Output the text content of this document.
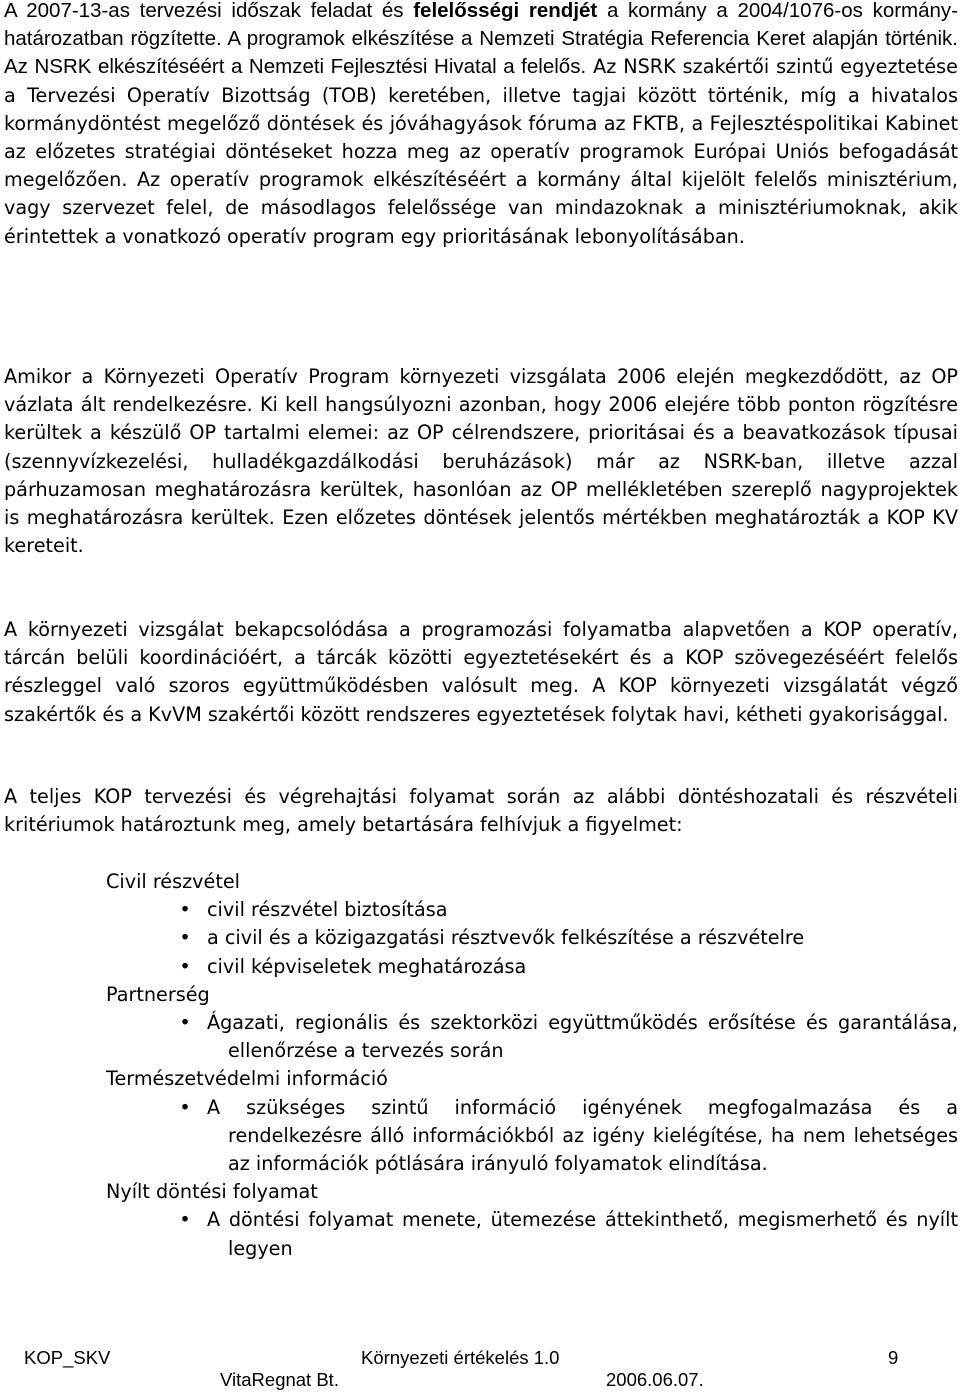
A 2007-13-as tervezési időszak feladat és felelősségi rendjét a kormány a 2004/1076-os kormány-határozatban rögzítette. A programok elkészítése a Nemzeti Stratégia Referencia Keret alapján történik. Az NSRK elkészítéséért a Nemzeti Fejlesztési Hivatal a felelős. Az NSRK szakértői szintű egyeztetése a Tervezési Operatív Bizottság (TOB) keretében, illetve tagjai között történik, míg a hivatalos kormánydöntést megelőző döntések és jóváhagyások fóruma az FKTB, a Fejlesztéspolitikai Kabinet az előzetes stratégiai döntéseket hozza meg az operatív programok Európai Uniós befogadását megelőzően. Az operatív programok elkészítéséért a kormány által kijelölt felelős minisztérium, vagy szervezet felel, de másodlagos felelőssége van mindazoknak a minisztériumoknak, akik érintettek a vonatkozó operatív program egy prioritásának lebonyolításában.

Amikor a Környezeti Operatív Program környezeti vizsgálata 2006 elején megkezdődött, az OP vázlata ált rendelkezésre. Ki kell hangsúlyozni azonban, hogy 2006 elejére több ponton rögzítésre kerültek a készülő OP tartalmi elemei: az OP célrendszere, prioritásai és a beavatkozások típusai (szennyvízkezelési, hulladékgazdálkodási beruházások) már az NSRK-ban, illetve azzal párhuzamosan meghatározásra kerültek, hasonlóan az OP mellékletében szereplő nagyprojektek is meghatározásra kerültek. Ezen előzetes döntések jelentős mértékben meghatározták a KOP KV kereteit.

A környezeti vizsgálat bekapcsolódása a programozási folyamatba alapvetően a KOP operatív, tárcán belüli koordinációért, a tárcák közötti egyeztetésekért és a KOP szövegezéséért felelős részleggel való szoros együttműködésben valósult meg. A KOP környezeti vizsgálatát végző szakértők és a KvVM szakértői között rendszeres egyeztetések folytak havi, kétheti gyakorisággal.

A teljes KOP tervezési és végrehajtási folyamat során az alábbi döntéshozatali és részvételi kritériumok határoztunk meg, amely betartására felhívjuk a figyelmet:

Civil részvétel
• civil részvétel biztosítása
• a civil és a közigazgatási résztvevők felkészítése a részvételre
• civil képviseletek meghatározása
Partnerség
• Ágazati, regionális és szektorközi együttműködés erősítése és garantálása, ellenőrzése a tervezés során
Természetvédelmi információ
• A szükséges szintű információ igényének megfogalmazása és a rendelkezésre álló információkból az igény kielégítése, ha nem lehetséges az információk pótlására irányuló folyamatok elindítása.
Nyílt döntési folyamat
• A döntési folyamat menete, ütemezése áttekinthető, megismerhető és nyílt legyen
KOP_SKV	Környezeti értékelés 1.0	9
VitaRegnat Bt.	2006.06.07.
